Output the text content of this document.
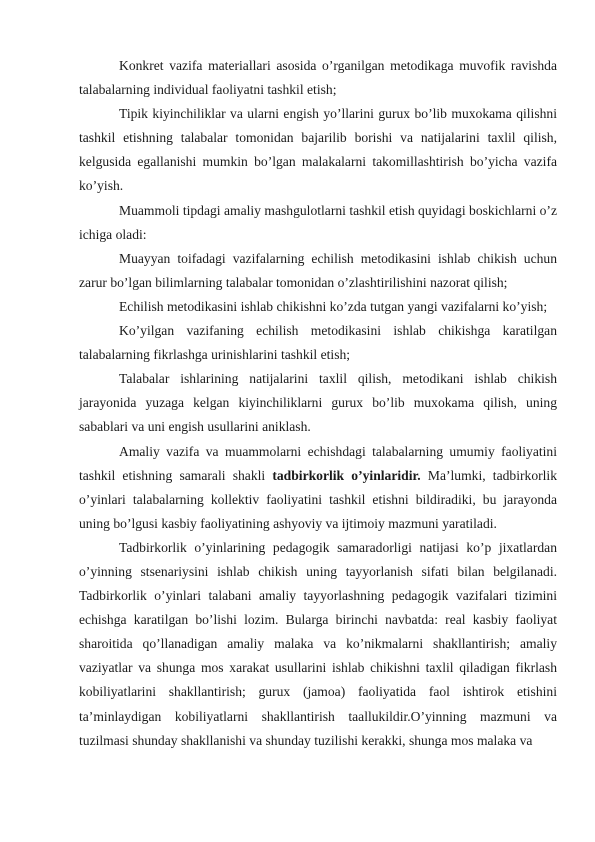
Konkret vazifa materiallari asosida o’rganilgan metodikaga muvofik ravishda talabalarning individual faoliyatni tashkil etish;

Tipik kiyinchiliklar va ularni engish yo’llarini gurux bo’lib muxokama qilishni tashkil etishning talabalar tomonidan bajarilib borishi va natijalarini taxlil qilish, kelgusida egallanishi mumkin bo’lgan malakalarni takomillashtirish bo’yicha vazifa ko’yish.

Muammoli tipdagi amaliy mashgulotlarni tashkil etish quyidagi boskichlarni o’z ichiga oladi:

Muayyan toifadagi vazifalarning echilish metodikasini ishlab chikish uchun zarur bo’lgan bilimlarning talabalar tomonidan o’zlashtirilishini nazorat qilish;

Echilish metodikasini ishlab chikishni ko’zda tutgan yangi vazifalarni ko’yish;

Ko’yilgan vazifaning echilish metodikasini ishlab chikishga karatilgan talabalarning fikrlashga urinishlarini tashkil etish;

Talabalar ishlarining natijalarini taxlil qilish, metodikani ishlab chikish jarayonida yuzaga kelgan kiyinchiliklarni gurux bo’lib muxokama qilish, uning sabablari va uni engish usullarini aniklash.

Amaliy vazifa va muammolarni echishdagi talabalarning umumiy faoliyatini tashkil etishning samarali shakli tadbirkorlik o’yinlaridir. Ma’lumki, tadbirkorlik o’yinlari talabalarning kollektiv faoliyatini tashkil etishni bildiradiki, bu jarayonda uning bo’lgusi kasbiy faoliyatining ashyoviy va ijtimoiy mazmuni yaratiladi.

Tadbirkorlik o’yinlarining pedagogik samaradorligi natijasi ko’p jixatlardan o’yinning stsenariysini ishlab chikish uning tayyorlanish sifati bilan belgilanadi. Tadbirkorlik o’yinlari talabani amaliy tayyorlashning pedagogik vazifalari tizimini echishga karatilgan bo’lishi lozim. Bularga birinchi navbatda: real kasbiy faoliyat sharoitida qo’llanadigan amaliy malaka va ko’nikmalarni shakllantirish; amaliy vaziyatlar va shunga mos xarakat usullarini ishlab chikishni taxlil qiladigan fikrlash kobiliyatlarini shakllantirish; gurux (jamoa) faoliyatida faol ishtirok etishini ta’minlaydigan kobiliyatlarni shakllantirish taallukildir.O’yinning mazmuni va tuzilmasi shunday shakllanishi va shunday tuzilishi kerakki, shunga mos malaka va
